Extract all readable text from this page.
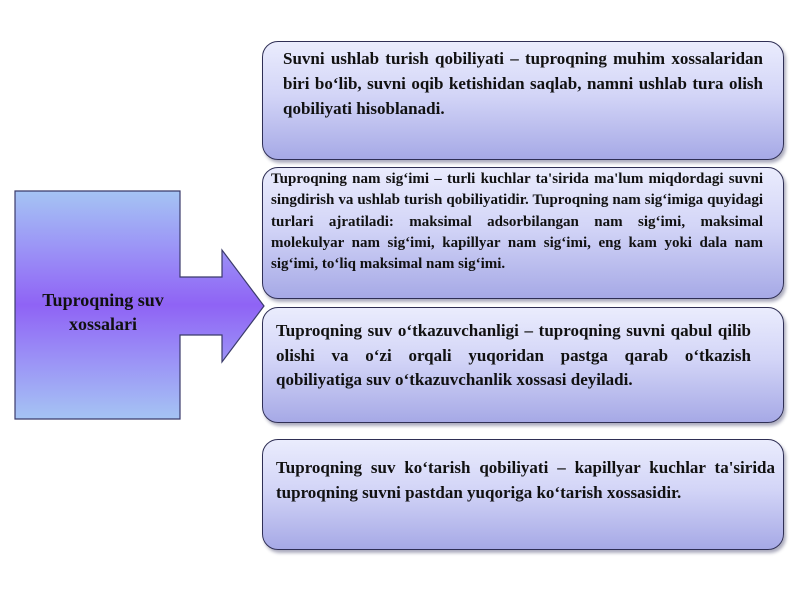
Tuproqning suv xossalari

Suvni ushlab turish qobiliyati – tuproqning muhim xossalaridan biri bo‘lib, suvni oqib ketishidan saqlab, namni ushlab tura olish qobiliyati hisoblanadi.

Tuproqning nam sig‘imi – turli kuchlar ta'sirida ma'lum miqdordagi suvni singdirish va ushlab turish qobiliyatidir. Tuproqning nam sig‘imiga quyidagi turlari ajratiladi: maksimal adsorbilangan nam sig‘imi, maksimal molekulyar nam sig‘imi, kapillyar nam sig‘imi, eng kam yoki dala nam sig‘imi, to‘liq maksimal nam sig‘imi.

Tuproqning suv o‘tkazuvchanligi – tuproqning suvni qabul qilib olishi va o‘zi orqali yuqoridan pastga qarab o‘tkazish qobiliyatiga suv o‘tkazuvchanlik xossasi deyiladi.

Tuproqning suv ko‘tarish qobiliyati – kapillyar kuchlar ta'sirida tuproqning suvni pastdan yuqoriga ko‘tarish xossasidir.
